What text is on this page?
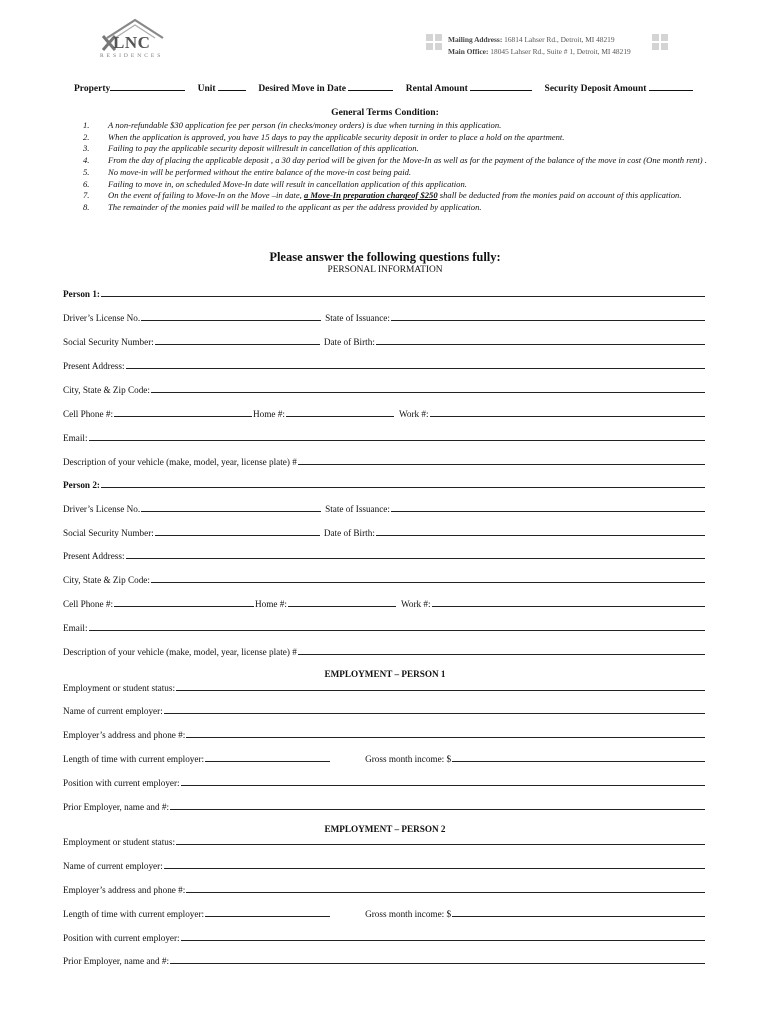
LNC
RESIDENCES
Mailing Address: 16814 Lahser Rd., Detroit, MI 48219
Main Office: 18045 Lahser Rd., Suite # 1, Detroit, MI 48219
Property	Unit	Desired Move in Date	Rental Amount	Security Deposit Amount
General Terms Condition:
1.	A non-refundable $30 application fee per person (in checks/money orders) is due when turning in this application.
2.	When the application is approved, you have 15 days to pay the applicable security deposit in order to place a hold on the apartment.
3.	Failing to pay the applicable security deposit willresult in cancellation of this application.
4.	From the day of placing the applicable deposit , a 30 day period will be given for the Move-In as well as for the payment of the balance of the move in cost (One month rent) .
5.	No move-in will be performed without the entire balance of the move-in cost being paid.
6.	Failing to move in, on scheduled Move-In date will result in cancellation application of this application.
7.	On the event of failing to Move-In on the Move –in date, a Move-In preparation chargeof $250 shall be deducted from the monies paid on account of this application.
8.	The remainder of the monies paid will be mailed to the applicant as per the address provided by application.
Please answer the following questions fully:
PERSONAL INFORMATION
Person 1:
Driver’s License No.	State of Issuance:
Social Security Number:	Date of Birth:
Present Address:
City, State & Zip Code:
Cell Phone #:	Home #:	Work #:
Email:
Description of your vehicle (make, model, year, license plate) #
Person 2:
Driver’s License No.	State of Issuance:
Social Security Number:	Date of Birth:
Present Address:
City, State & Zip Code:
Cell Phone #:	Home #:	Work #:
Email:
Description of your vehicle (make, model, year, license plate) #
EMPLOYMENT – PERSON 1
Employment or student status:
Name of current employer:
Employer’s address and phone #:
Length of time with current employer:	Gross month income: $
Position with current employer:
Prior Employer, name and #:
EMPLOYMENT – PERSON 2
Employment or student status:
Name of current employer:
Employer’s address and phone #:
Length of time with current employer:	Gross month income: $
Position with current employer:
Prior Employer, name and #:
